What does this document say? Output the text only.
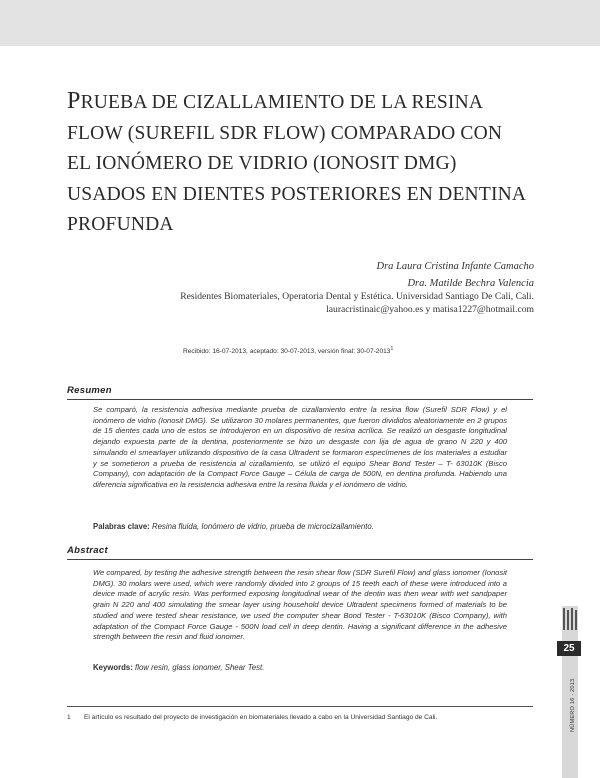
PRUEBA DE CIZALLAMIENTO DE LA RESINA
FLOW (SUREFIL SDR FLOW) COMPARADO CON
EL IONÓMERO DE VIDRIO (IONOSIT DMG)
USADOS EN DIENTES POSTERIORES EN DENTINA
PROFUNDA
Dra Laura Cristina Infante Camacho
Dra. Matilde Bechra Valencia
Residentes Biomateriales, Operatoria Dental y Estética. Universidad Santiago De Cali, Cali.
lauracristinaic@yahoo.es y matisa1227@hotmail.com
Recibido: 16-07-2013, aceptado: 30-07-2013, versión final: 30-07-2013$^1$
Resumen
Se comparó, la resistencia adhesiva mediante prueba de cizallamiento entre la resina flow (Surefil SDR Flow) y el ionómero de vidrio (Ionosit DMG). Se utilizaron 30 molares permanentes, que fueron divididos aleatoriamente en 2 grupos de 15 dientes cada uno de estos se introdujeron en un dispositivo de resina acrílica. Se realizó un desgaste longitudinal dejando expuesta parte de la dentina, posteriormente se hizo un desgaste con lija de agua de grano N 220 y 400 simulando el smearlayer utilizando dispositivo de la casa Ultradent se formaron especímenes de los materiales a estudiar y se sometieron a prueba de resistencia al cizallamiento, se utilizó el equipo Shear Bond Tester – T- 63010K (Bisco Company), con adaptación de la Compact Force Gauge – Célula de carga de 500N, en dentina profunda. Habiendo una diferencia significativa en la resistencia adhesiva entre la resina fluida y el ionómero de vidrio.
Palabras clave: Resina fluida, Ionómero de vidrio, prueba de microcizallamiento.
Abstract
We compared, by testing the adhesive strength between the resin shear flow (SDR Surefil Flow) and glass ionomer (Ionosit DMG). 30 molars were used, which were randomly divided into 2 groups of 15 teeth each of these were introduced into a device made of acrylic resin. Was performed exposing longitudinal wear of the dentin was then wear with wet sandpaper grain N 220 and 400 simulating the smear layer using household device Ultradent specimens formed of materials to be studied and were tested shear resistance, we used the computer shear Bond Tester - T-63010K (Bisco Company), with adaptation of the Compact Force Gauge - 500N load cell in deep dentin. Having a significant difference in the adhesive strength between the resin and fluid ionomer.
Keywords: flow resin, glass ionomer, Shear Test.
1 El artículo es resultado del proyecto de investigación en biomateriales llevado a cabo en la Universidad Santiago de Cali.
25
NÚMERO 16 · 2013
